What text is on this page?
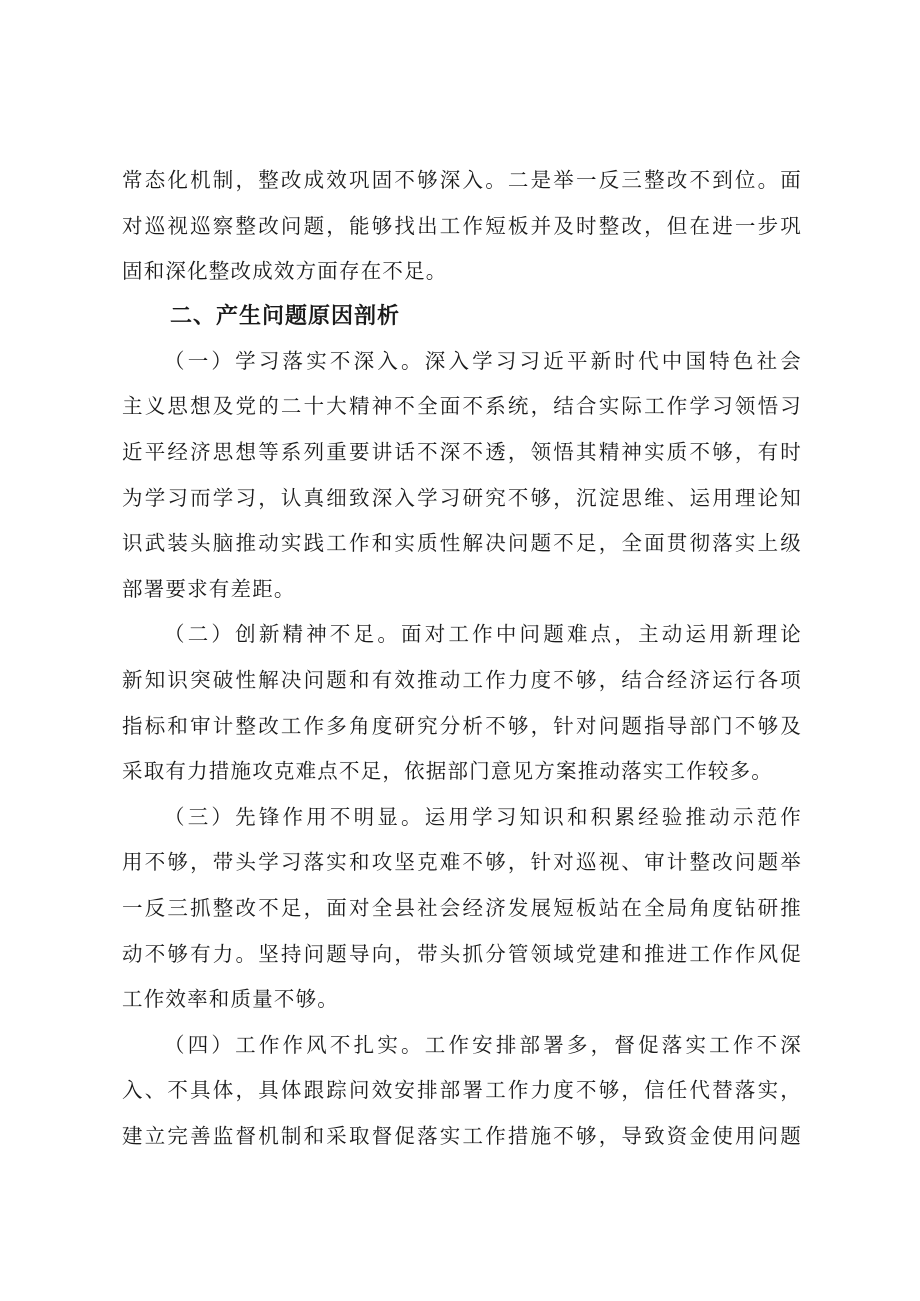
常态化机制，整改成效巩固不够深入。二是举一反三整改不到位。面
对巡视巡察整改问题，能够找出工作短板并及时整改，但在进一步巩
固和深化整改成效方面存在不足。

二、产生问题原因剖析

（一）学习落实不深入。深入学习习近平新时代中国特色社会
主义思想及党的二十大精神不全面不系统，结合实际工作学习领悟习
近平经济思想等系列重要讲话不深不透，领悟其精神实质不够，有时
为学习而学习，认真细致深入学习研究不够，沉淀思维、运用理论知
识武装头脑推动实践工作和实质性解决问题不足，全面贯彻落实上级
部署要求有差距。

（二）创新精神不足。面对工作中问题难点，主动运用新理论
新知识突破性解决问题和有效推动工作力度不够，结合经济运行各项
指标和审计整改工作多角度研究分析不够，针对问题指导部门不够及
采取有力措施攻克难点不足，依据部门意见方案推动落实工作较多。

（三）先锋作用不明显。运用学习知识和积累经验推动示范作
用不够，带头学习落实和攻坚克难不够，针对巡视、审计整改问题举
一反三抓整改不足，面对全县社会经济发展短板站在全局角度钻研推
动不够有力。坚持问题导向，带头抓分管领域党建和推进工作作风促
工作效率和质量不够。

（四）工作作风不扎实。工作安排部署多，督促落实工作不深
入、不具体，具体跟踪问效安排部署工作力度不够，信任代替落实，
建立完善监督机制和采取督促落实工作措施不够，导致资金使用问题
